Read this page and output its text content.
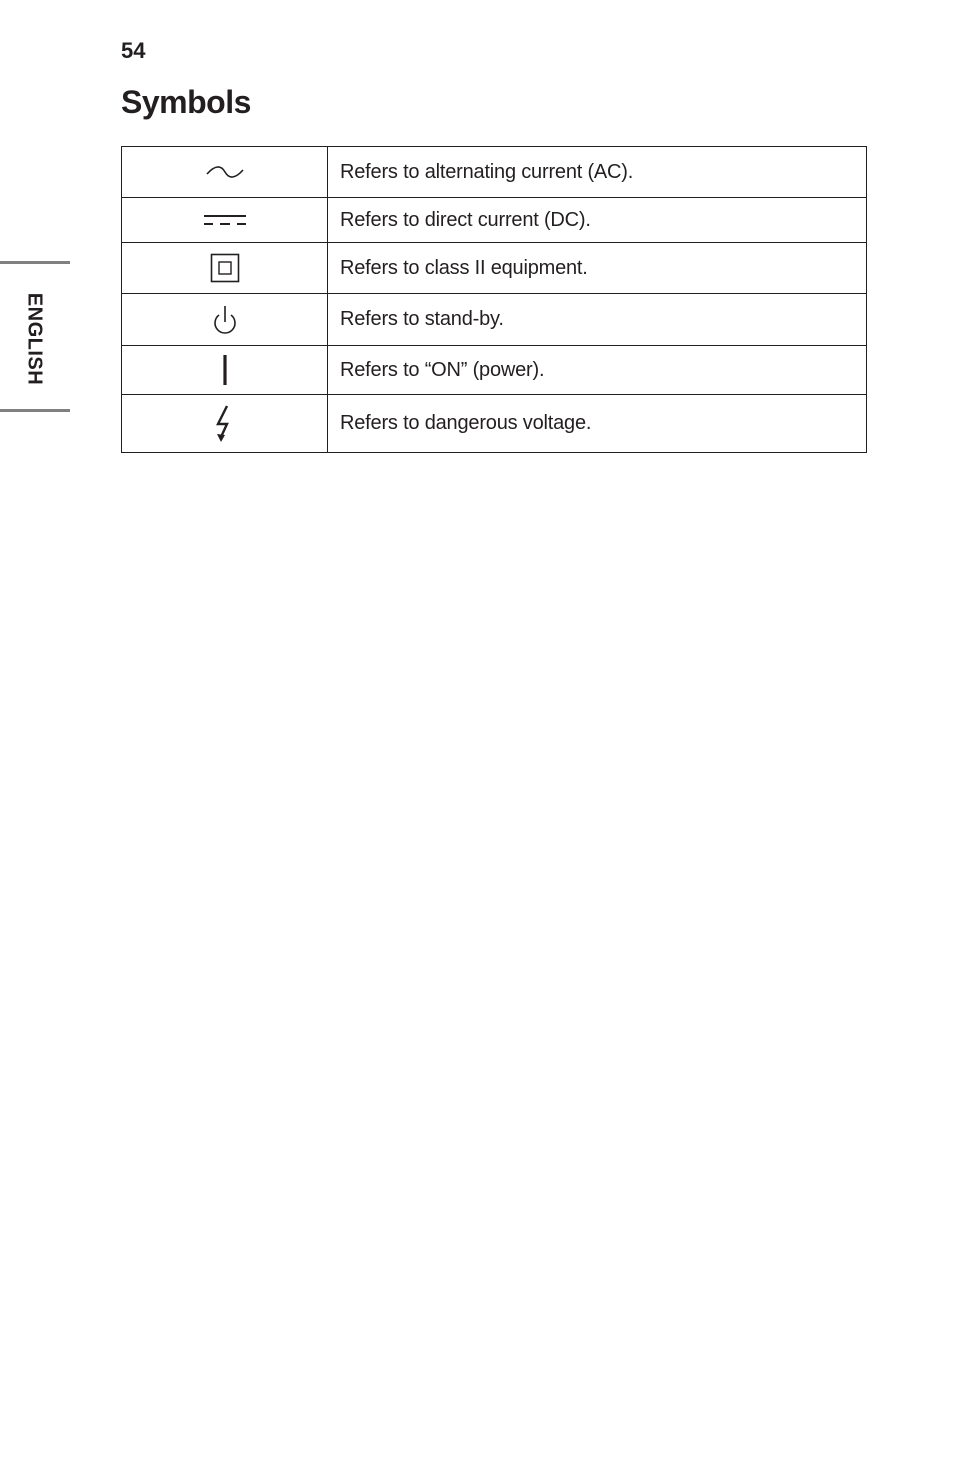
54
Symbols
ENGLISH
	Refers to alternating current (AC).

	Refers to direct current (DC).

	Refers to class II equipment.

	Refers to stand-by.

	Refers to “ON” (power).

	Refers to dangerous voltage.
